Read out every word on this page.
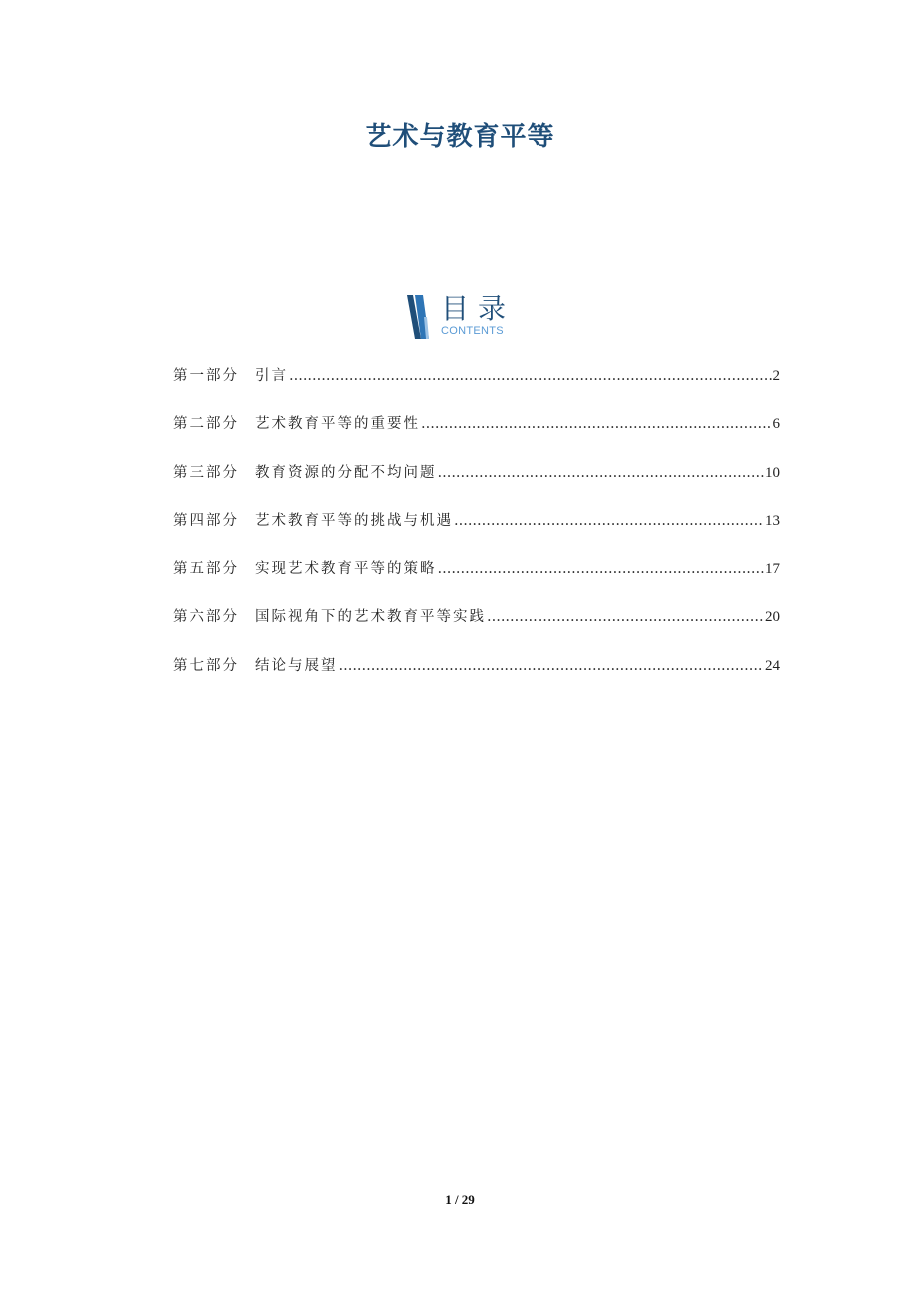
艺术与教育平等
目录
CONTENTS
第一部分	引言 .....	2
第二部分	艺术教育平等的重要性 .....	6
第三部分	教育资源的分配不均问题 .....	10
第四部分	艺术教育平等的挑战与机遇 .....	13
第五部分	实现艺术教育平等的策略 .....	17
第六部分	国际视角下的艺术教育平等实践 .....	20
第七部分	结论与展望 .....	24
1 / 29
